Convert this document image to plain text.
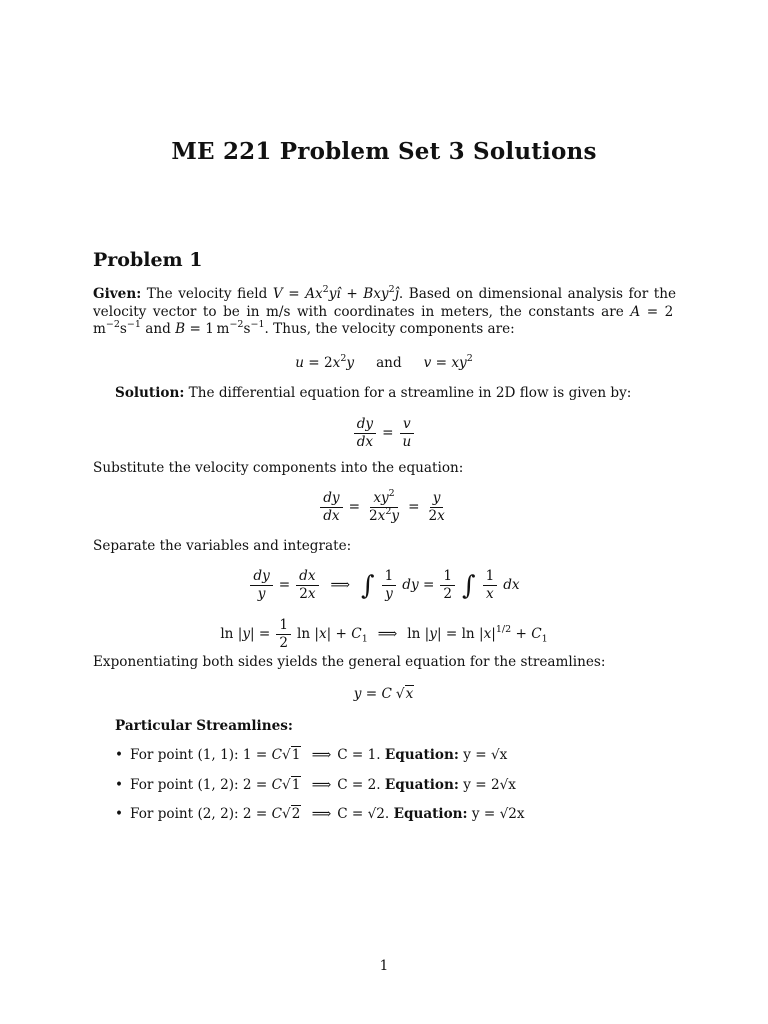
ME 221 Problem Set 3 Solutions
Problem 1
Given: The velocity field $V = Ax^2yî$ + Bxy$^2$ĵ. Based on dimensional analysis for the velocity vector to be in m/s with coordinates in meters, the constants are A = 2 $m^{-2}s^{-1}$ and B = 1 $m^{-2}s^{-1}$. Thus, the velocity components are:
$u = 2x^2y$ and $v = xy^2$
Solution: The differential equation for a streamline in 2D flow is given by:
$\frac{dy}{dx} = \frac{v}{u}$
Substitute the velocity components into the equation:
$\frac{dy}{dx} = \frac{xy^2}{2x^2y} = \frac{y}{2x}$
Separate the variables and integrate:
$\frac{dy}{y} = \frac{dx}{2x}$ ⟹ ∫ $\frac{1}{y}$ dy = $\frac{1}{2}$ ∫ $\frac{1}{x}$ dx
$\ln |y| = \frac{1}{2}$ $\ln |x| + C_1$ ⟹ $\ln |y| = \ln |x|^{1/2} + C_1$
Exponentiating both sides yields the general equation for the streamlines:
y = C √x
Particular Streamlines:
• For point (1, 1): 1 = C√1 ⟹ C = 1. Equation: y = √x
• For point (1, 2): 2 = C√1 ⟹ C = 2. Equation: y = 2√x
• For point (2, 2): 2 = C√2 ⟹ C = √2. Equation: y = √2x
1
